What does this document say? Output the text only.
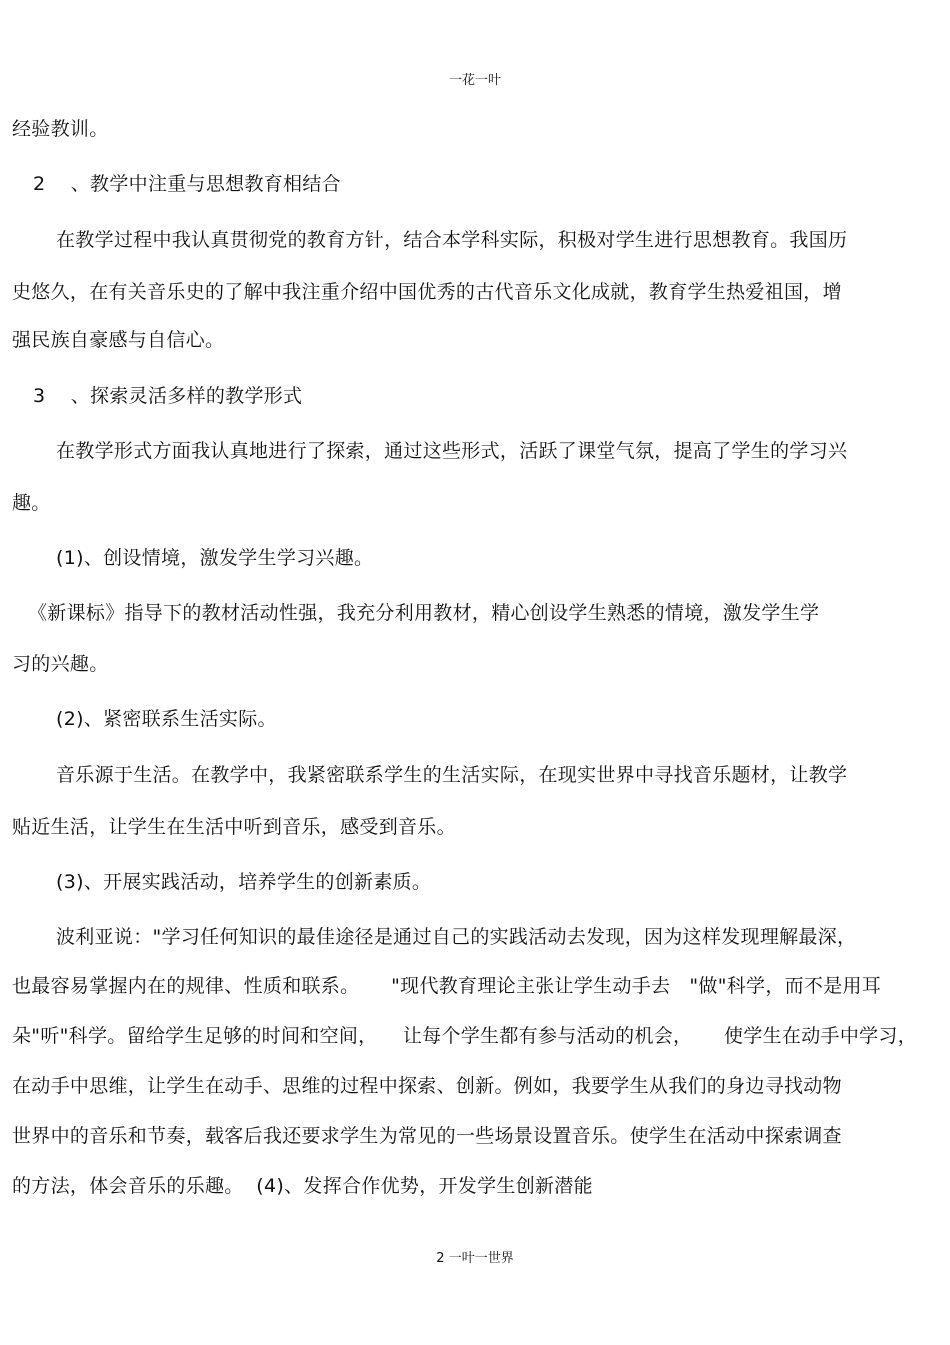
一花一叶
经验教训。
2    、教学中注重与思想教育相结合
在教学过程中我认真贯彻党的教育方针，结合本学科实际，积极对学生进行思想教育。我国历
史悠久，在有关音乐史的了解中我注重介绍中国优秀的古代音乐文化成就，教育学生热爱祖国，增
强民族自豪感与自信心。
3    、探索灵活多样的教学形式
在教学形式方面我认真地进行了探索，通过这些形式，活跃了课堂气氛，提高了学生的学习兴
趣。
(1)、创设情境，激发学生学习兴趣。
《新课标》指导下的教材活动性强，我充分利用教材，精心创设学生熟悉的情境，激发学生学
习的兴趣。
(2)、紧密联系生活实际。
音乐源于生活。在教学中，我紧密联系学生的生活实际，在现实世界中寻找音乐题材，让教学
贴近生活，让学生在生活中听到音乐，感受到音乐。
(3)、开展实践活动，培养学生的创新素质。
波利亚说："学习任何知识的最佳途径是通过自己的实践活动去发现，因为这样发现理解最深，
也最容易掌握内在的规律、性质和联系。     "现代教育理论主张让学生动手去   "做"科学，而不是用耳
朵"听"科学。留给学生足够的时间和空间，    让每个学生都有参与活动的机会，     使学生在动手中学习，
在动手中思维，让学生在动手、思维的过程中探索、创新。例如，我要学生从我们的身边寻找动物
世界中的音乐和节奏，载客后我还要求学生为常见的一些场景设置音乐。使学生在活动中探索调查
的方法，体会音乐的乐趣。  (4)、发挥合作优势，开发学生创新潜能
2 一叶一世界
